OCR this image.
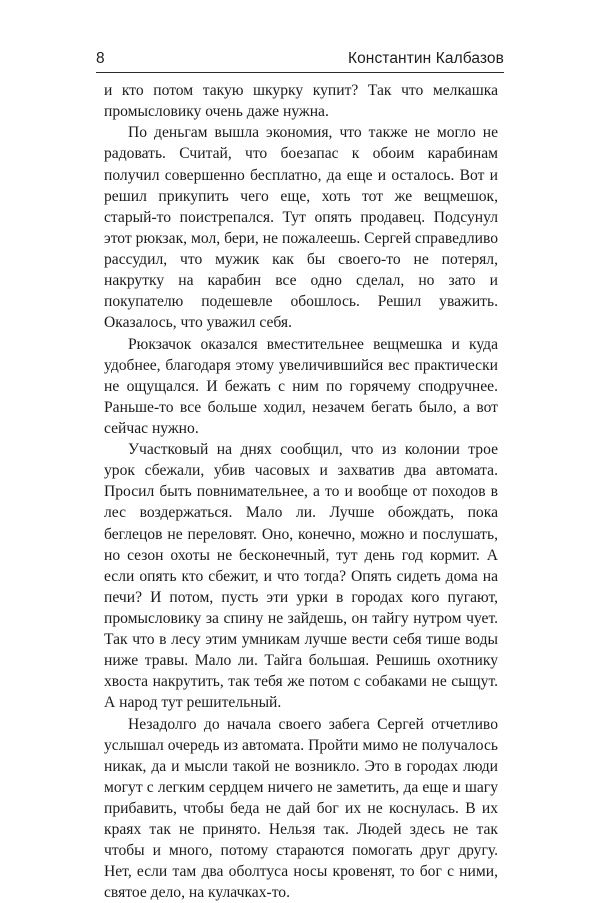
8	Константин Калбазов

и кто потом такую шкурку купит? Так что мелкашка промысловику очень даже нужна.

По деньгам вышла экономия, что также не могло не радовать. Считай, что боезапас к обоим карабинам получил совершенно бесплатно, да еще и осталось. Вот и решил прикупить чего еще, хоть тот же вещмешок, старый-то поистрепался. Тут опять продавец. Подсунул этот рюкзак, мол, бери, не пожалеешь. Сергей справедливо рассудил, что мужик как бы своего-то не потерял, накрутку на карабин все одно сделал, но зато и покупателю подешевле обошлось. Решил уважить. Оказалось, что уважил себя.

Рюкзачок оказался вместительнее вещмешка и куда удобнее, благодаря этому увеличившийся вес практически не ощущался. И бежать с ним по горячему сподручнее. Раньше-то все больше ходил, незачем бегать было, а вот сейчас нужно.

Участковый на днях сообщил, что из колонии трое урок сбежали, убив часовых и захватив два автомата. Просил быть повнимательнее, а то и вообще от походов в лес воздержаться. Мало ли. Лучше обождать, пока беглецов не переловят. Оно, конечно, можно и послушать, но сезон охоты не бесконечный, тут день год кормит. А если опять кто сбежит, и что тогда? Опять сидеть дома на печи? И потом, пусть эти урки в городах кого пугают, промысловику за спину не зайдешь, он тайгу нутром чует. Так что в лесу этим умникам лучше вести себя тише воды ниже травы. Мало ли. Тайга большая. Решишь охотнику хвоста накрутить, так тебя же потом с собаками не сыщут. А народ тут решительный.

Незадолго до начала своего забега Сергей отчетливо услышал очередь из автомата. Пройти мимо не получалось никак, да и мысли такой не возникло. Это в городах люди могут с легким сердцем ничего не заметить, да еще и шагу прибавить, чтобы беда не дай бог их не коснулась. В их краях так не принято. Нельзя так. Людей здесь не так чтобы и много, потому стараются помогать друг другу. Нет, если там два оболтуса носы кровенят, то бог с ними, святое дело, на кулачках-то.
